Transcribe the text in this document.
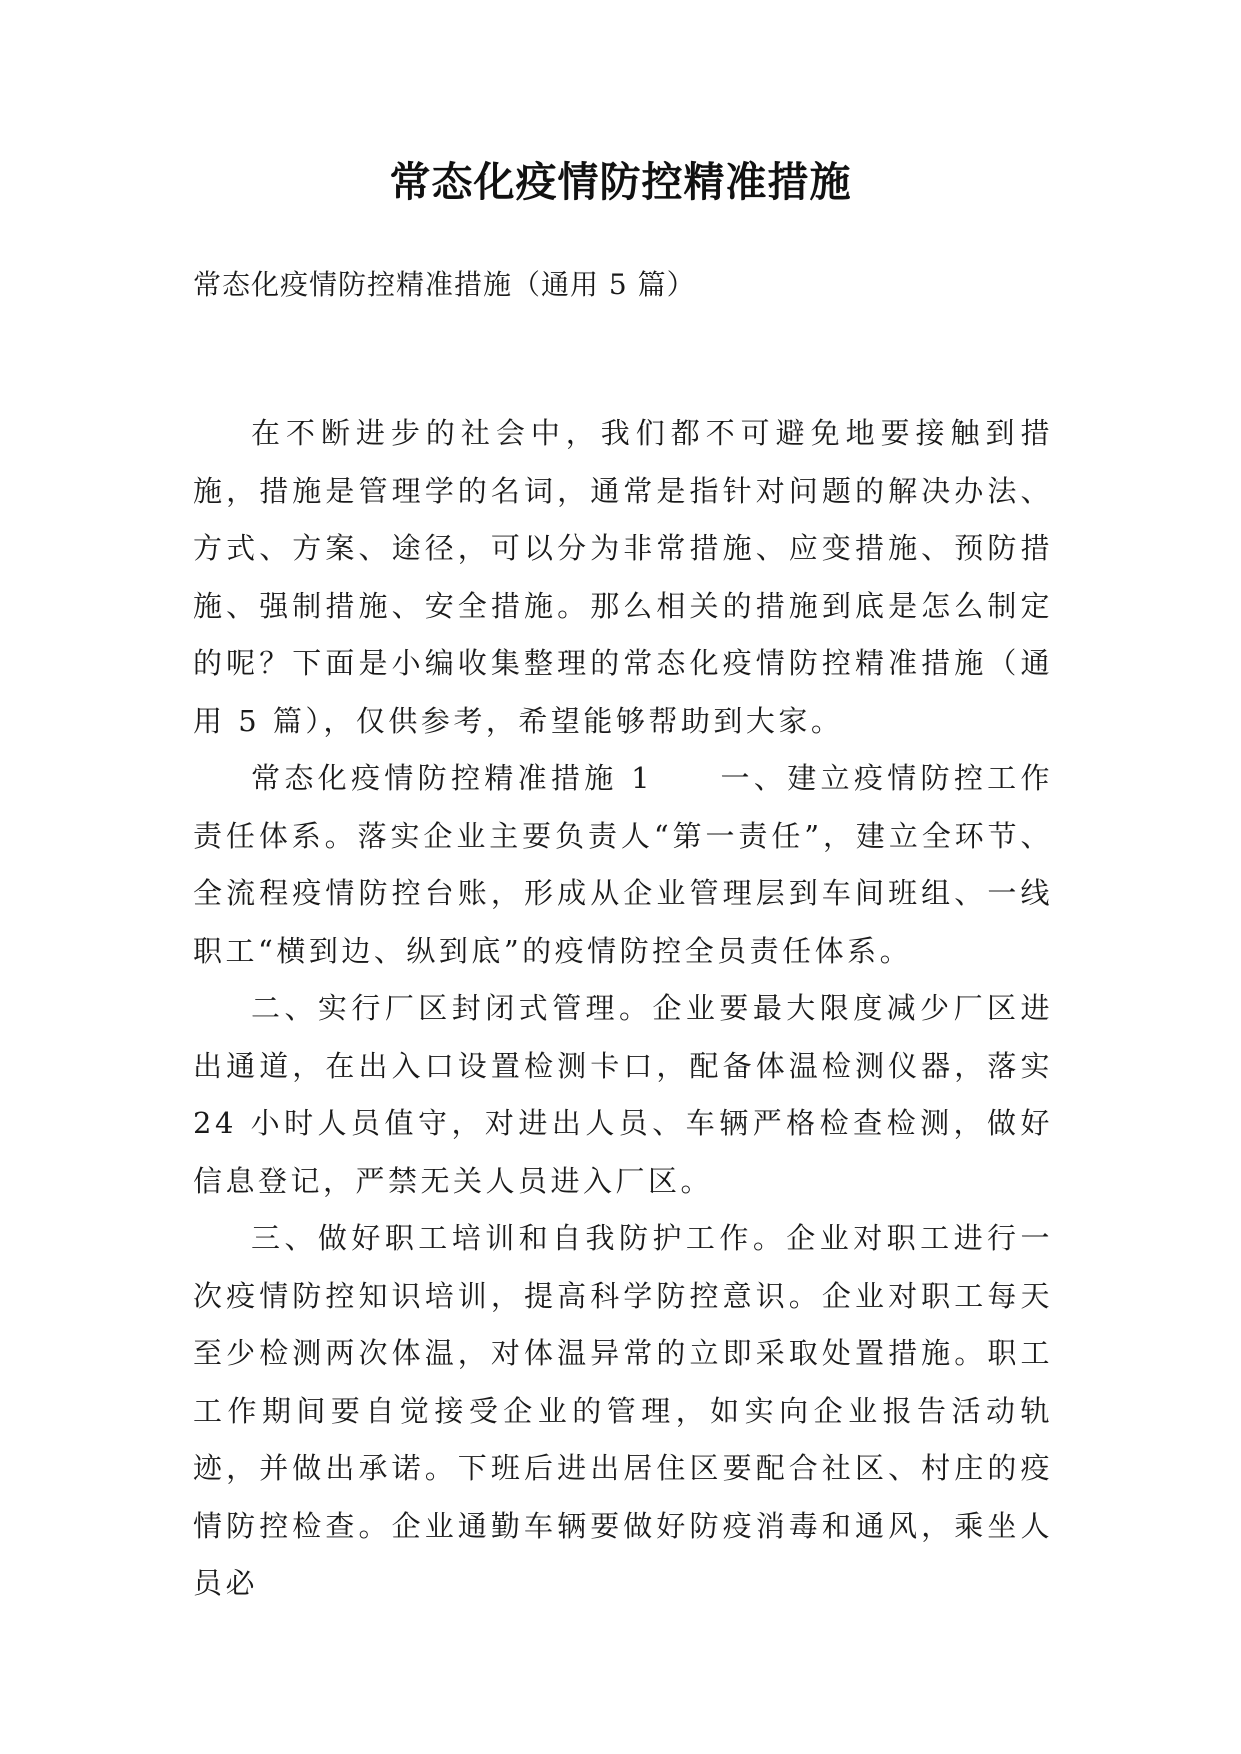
常态化疫情防控精准措施

常态化疫情防控精准措施（通用 5 篇）

在不断进步的社会中，我们都不可避免地要接触到措施，措施是管理学的名词，通常是指针对问题的解决办法、方式、方案、途径，可以分为非常措施、应变措施、预防措施、强制措施、安全措施。那么相关的措施到底是怎么制定的呢？下面是小编收集整理的常态化疫情防控精准措施（通用 5 篇），仅供参考，希望能够帮助到大家。

常态化疫情防控精准措施 1　　一、建立疫情防控工作责任体系。落实企业主要负责人“第一责任”，建立全环节、全流程疫情防控台账，形成从企业管理层到车间班组、一线职工“横到边、纵到底”的疫情防控全员责任体系。

二、实行厂区封闭式管理。企业要最大限度减少厂区进出通道，在出入口设置检测卡口，配备体温检测仪器，落实 24 小时人员值守，对进出人员、车辆严格检查检测，做好信息登记，严禁无关人员进入厂区。

三、做好职工培训和自我防护工作。企业对职工进行一次疫情防控知识培训，提高科学防控意识。企业对职工每天至少检测两次体温，对体温异常的立即采取处置措施。职工工作期间要自觉接受企业的管理，如实向企业报告活动轨迹，并做出承诺。下班后进出居住区要配合社区、村庄的疫情防控检查。企业通勤车辆要做好防疫消毒和通风，乘坐人员必
